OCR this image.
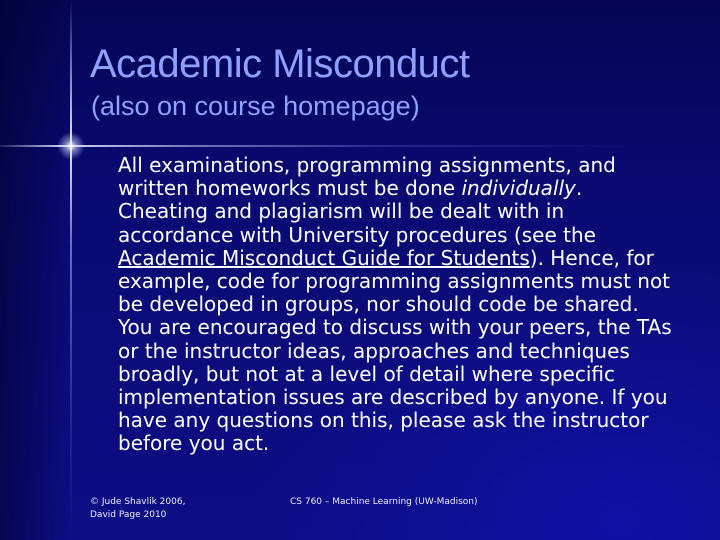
Academic Misconduct
(also on course homepage)

All examinations, programming assignments, and written homeworks must be done individually. Cheating and plagiarism will be dealt with in accordance with University procedures (see the Academic Misconduct Guide for Students). Hence, for example, code for programming assignments must not be developed in groups, nor should code be shared. You are encouraged to discuss with your peers, the TAs or the instructor ideas, approaches and techniques broadly, but not at a level of detail where specific implementation issues are described by anyone. If you have any questions on this, please ask the instructor before you act.

© Jude Shavlik 2006,
David Page 2010
CS 760 – Machine Learning (UW-Madison)
